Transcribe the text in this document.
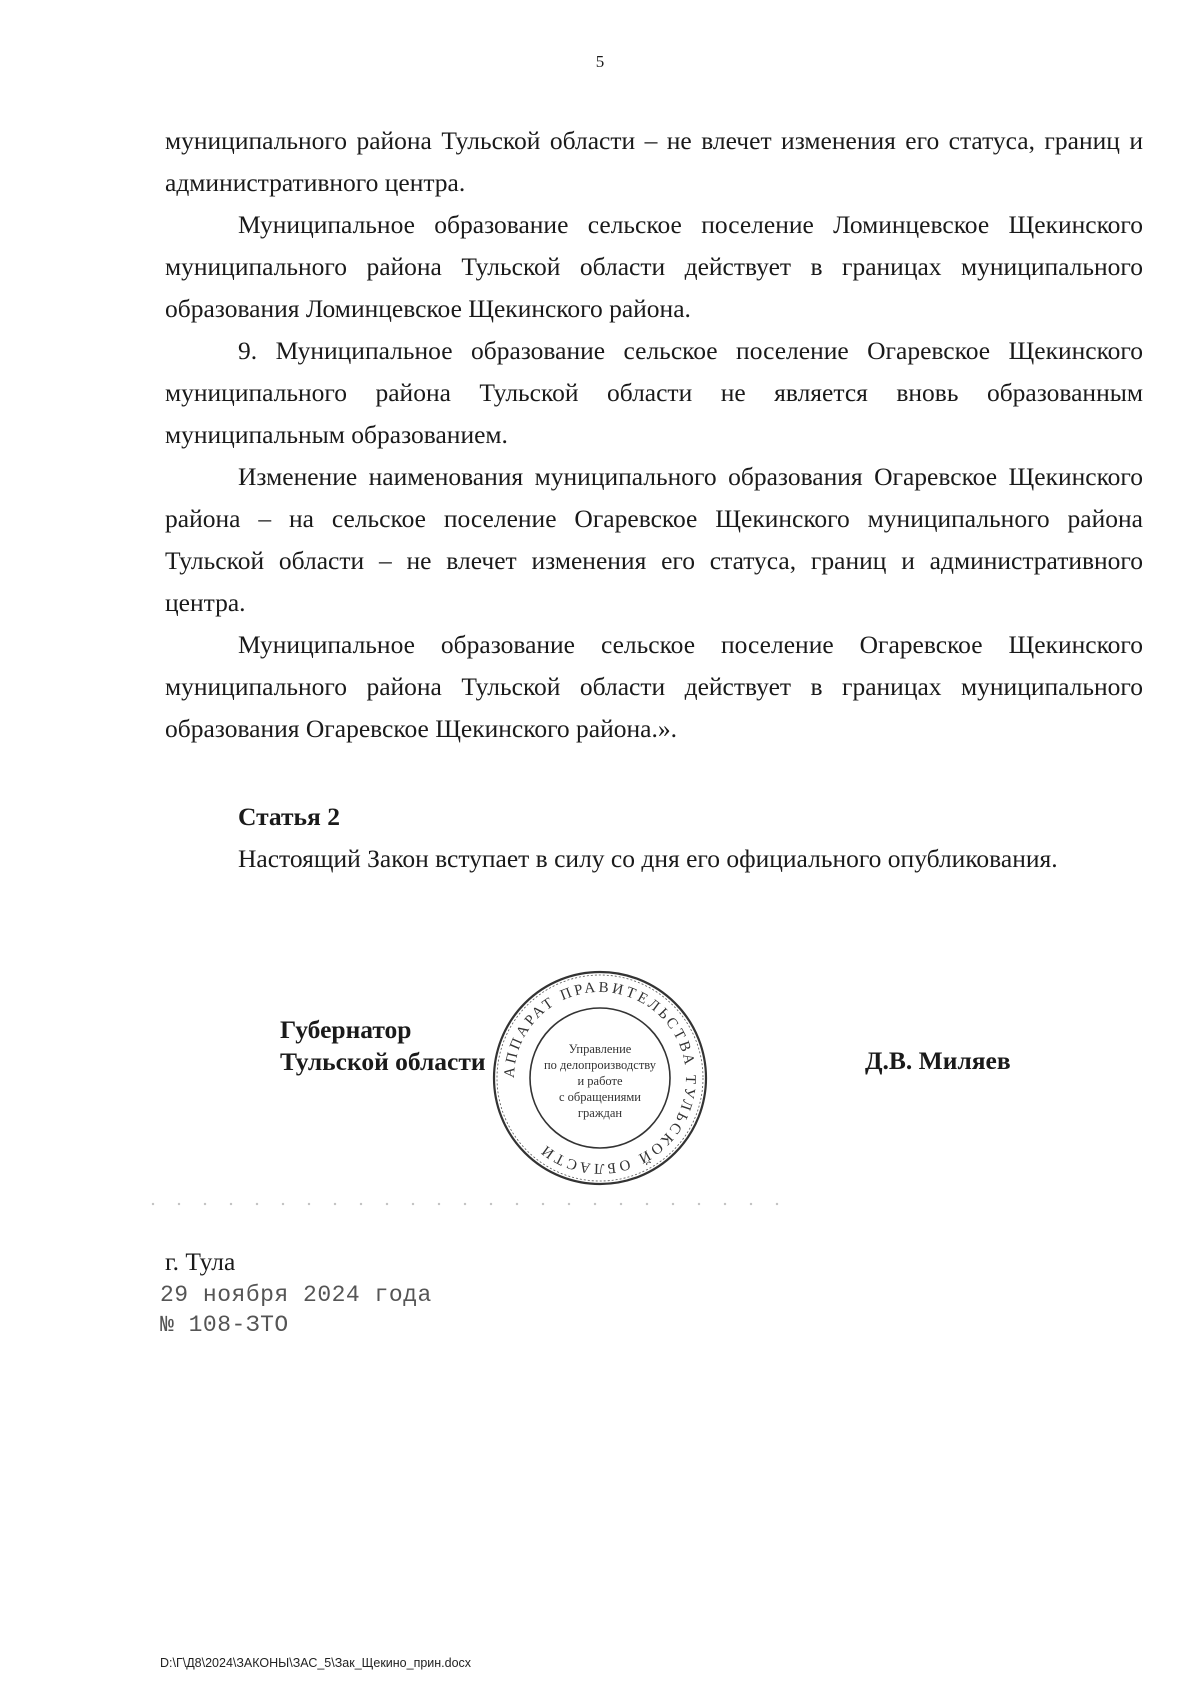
5

муниципального района Тульской области – не влечет изменения его статуса, границ и административного центра.

Муниципальное образование сельское поселение Ломинцевское Щекинского муниципального района Тульской области действует в границах муниципального образования Ломинцевское Щекинского района.

9. Муниципальное образование сельское поселение Огаревское Щекинского муниципального района Тульской области не является вновь образованным муниципальным образованием.

Изменение наименования муниципального образования Огаревское Щекинского района – на сельское поселение Огаревское Щекинского муниципального района Тульской области – не влечет изменения его статуса, границ и административного центра.

Муниципальное образование сельское поселение Огаревское Щекинского муниципального района Тульской области действует в границах муниципального образования Огаревское Щекинского района.».

Статья 2

Настоящий Закон вступает в силу со дня его официального опубликования.

Губернатор
Тульской области АППАРАТ ПРАВИТЕЛЬСТВА ТУЛЬСКОЙ ОБЛАСТИ
Управление
по делопроизводству
и работе
с обращениями
граждан
Д.В. Миляев
г. Тула
29 ноября 2024 года
№ 108-ЗТО
D:\Г\Д8\2024\ЗАКОНЫ\ЗАС_5\Зак_Щекино_прин.docx
